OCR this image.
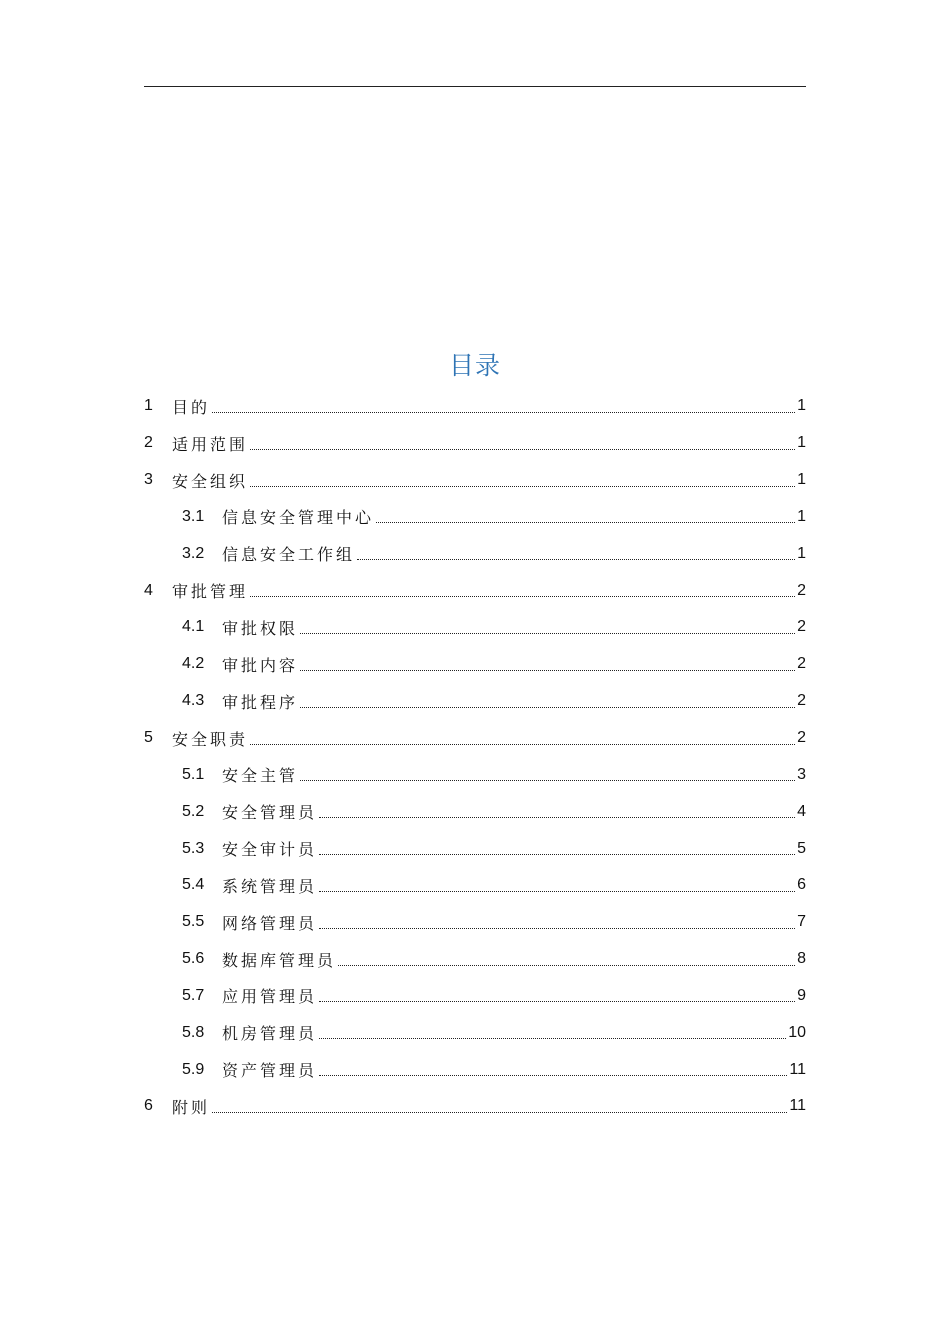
目录
1	目的	1
2	适用范围	1
3	安全组织	1
3.1	信息安全管理中心	1
3.2	信息安全工作组	1
4	审批管理	2
4.1	审批权限	2
4.2	审批内容	2
4.3	审批程序	2
5	安全职责	2
5.1	安全主管	3
5.2	安全管理员	4
5.3	安全审计员	5
5.4	系统管理员	6
5.5	网络管理员	7
5.6	数据库管理员	8
5.7	应用管理员	9
5.8	机房管理员	10
5.9	资产管理员	11
6	附则	11
